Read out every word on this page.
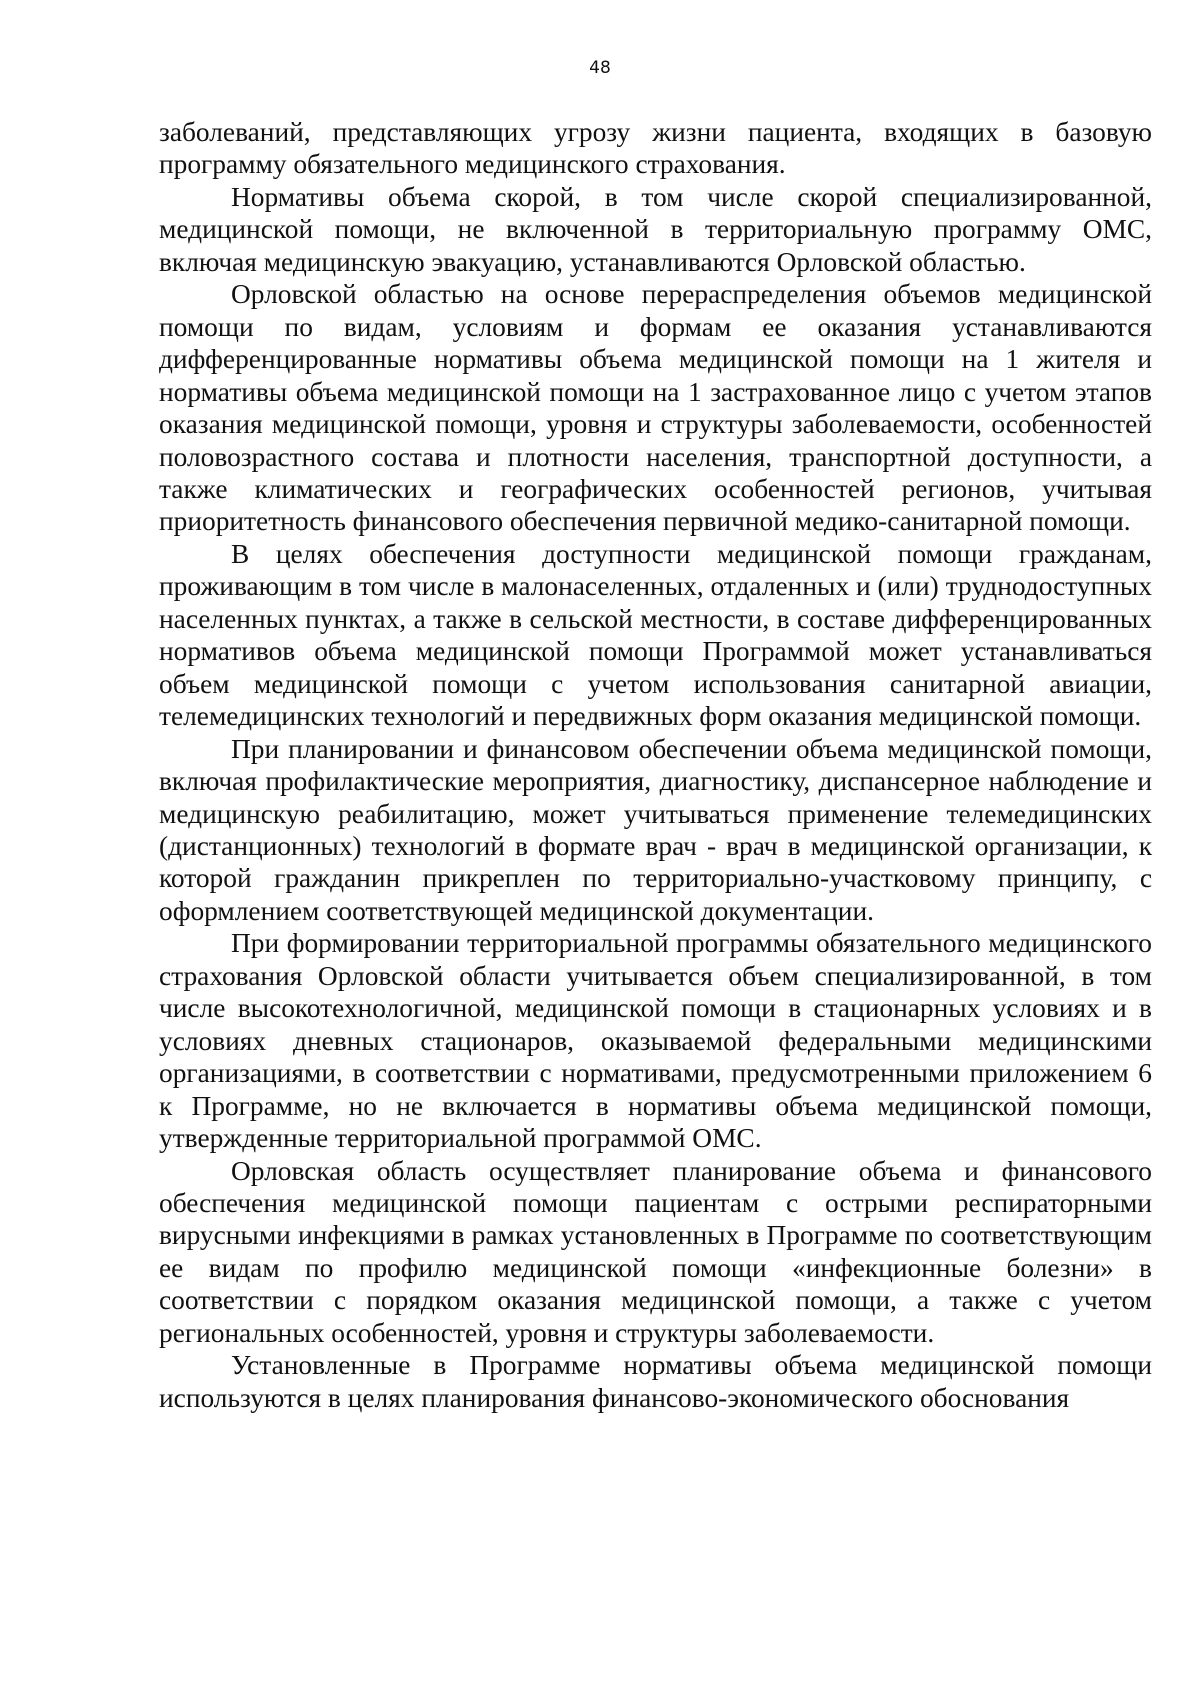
48

заболеваний, представляющих угрозу жизни пациента, входящих в базовую программу обязательного медицинского страхования.

Нормативы объема скорой, в том числе скорой специализированной, медицинской помощи, не включенной в территориальную программу ОМС, включая медицинскую эвакуацию, устанавливаются Орловской областью.

Орловской областью на основе перераспределения объемов медицинской помощи по видам, условиям и формам ее оказания устанавливаются дифференцированные нормативы объема медицинской помощи на 1 жителя и нормативы объема медицинской помощи на 1 застрахованное лицо с учетом этапов оказания медицинской помощи, уровня и структуры заболеваемости, особенностей половозрастного состава и плотности населения, транспортной доступности, а также климатических и географических особенностей регионов, учитывая приоритетность финансового обеспечения первичной медико-санитарной помощи.

В целях обеспечения доступности медицинской помощи гражданам, проживающим в том числе в малонаселенных, отдаленных и (или) труднодоступных населенных пунктах, а также в сельской местности, в составе дифференцированных нормативов объема медицинской помощи Программой может устанавливаться объем медицинской помощи с учетом использования санитарной авиации, телемедицинских технологий и передвижных форм оказания медицинской помощи.

При планировании и финансовом обеспечении объема медицинской помощи, включая профилактические мероприятия, диагностику, диспансерное наблюдение и медицинскую реабилитацию, может учитываться применение телемедицинских (дистанционных) технологий в формате врач - врач в медицинской организации, к которой гражданин прикреплен по территориально-участковому принципу, с оформлением соответствующей медицинской документации.

При формировании территориальной программы обязательного медицинского страхования Орловской области учитывается объем специализированной, в том числе высокотехнологичной, медицинской помощи в стационарных условиях и в условиях дневных стационаров, оказываемой федеральными медицинскими организациями, в соответствии с нормативами, предусмотренными приложением 6 к Программе, но не включается в нормативы объема медицинской помощи, утвержденные территориальной программой ОМС.

Орловская область осуществляет планирование объема и финансового обеспечения медицинской помощи пациентам с острыми респираторными вирусными инфекциями в рамках установленных в Программе по соответствующим ее видам по профилю медицинской помощи «инфекционные болезни» в соответствии с порядком оказания медицинской помощи, а также с учетом региональных особенностей, уровня и структуры заболеваемости.

Установленные в Программе нормативы объема медицинской помощи используются в целях планирования финансово-экономического обоснования
